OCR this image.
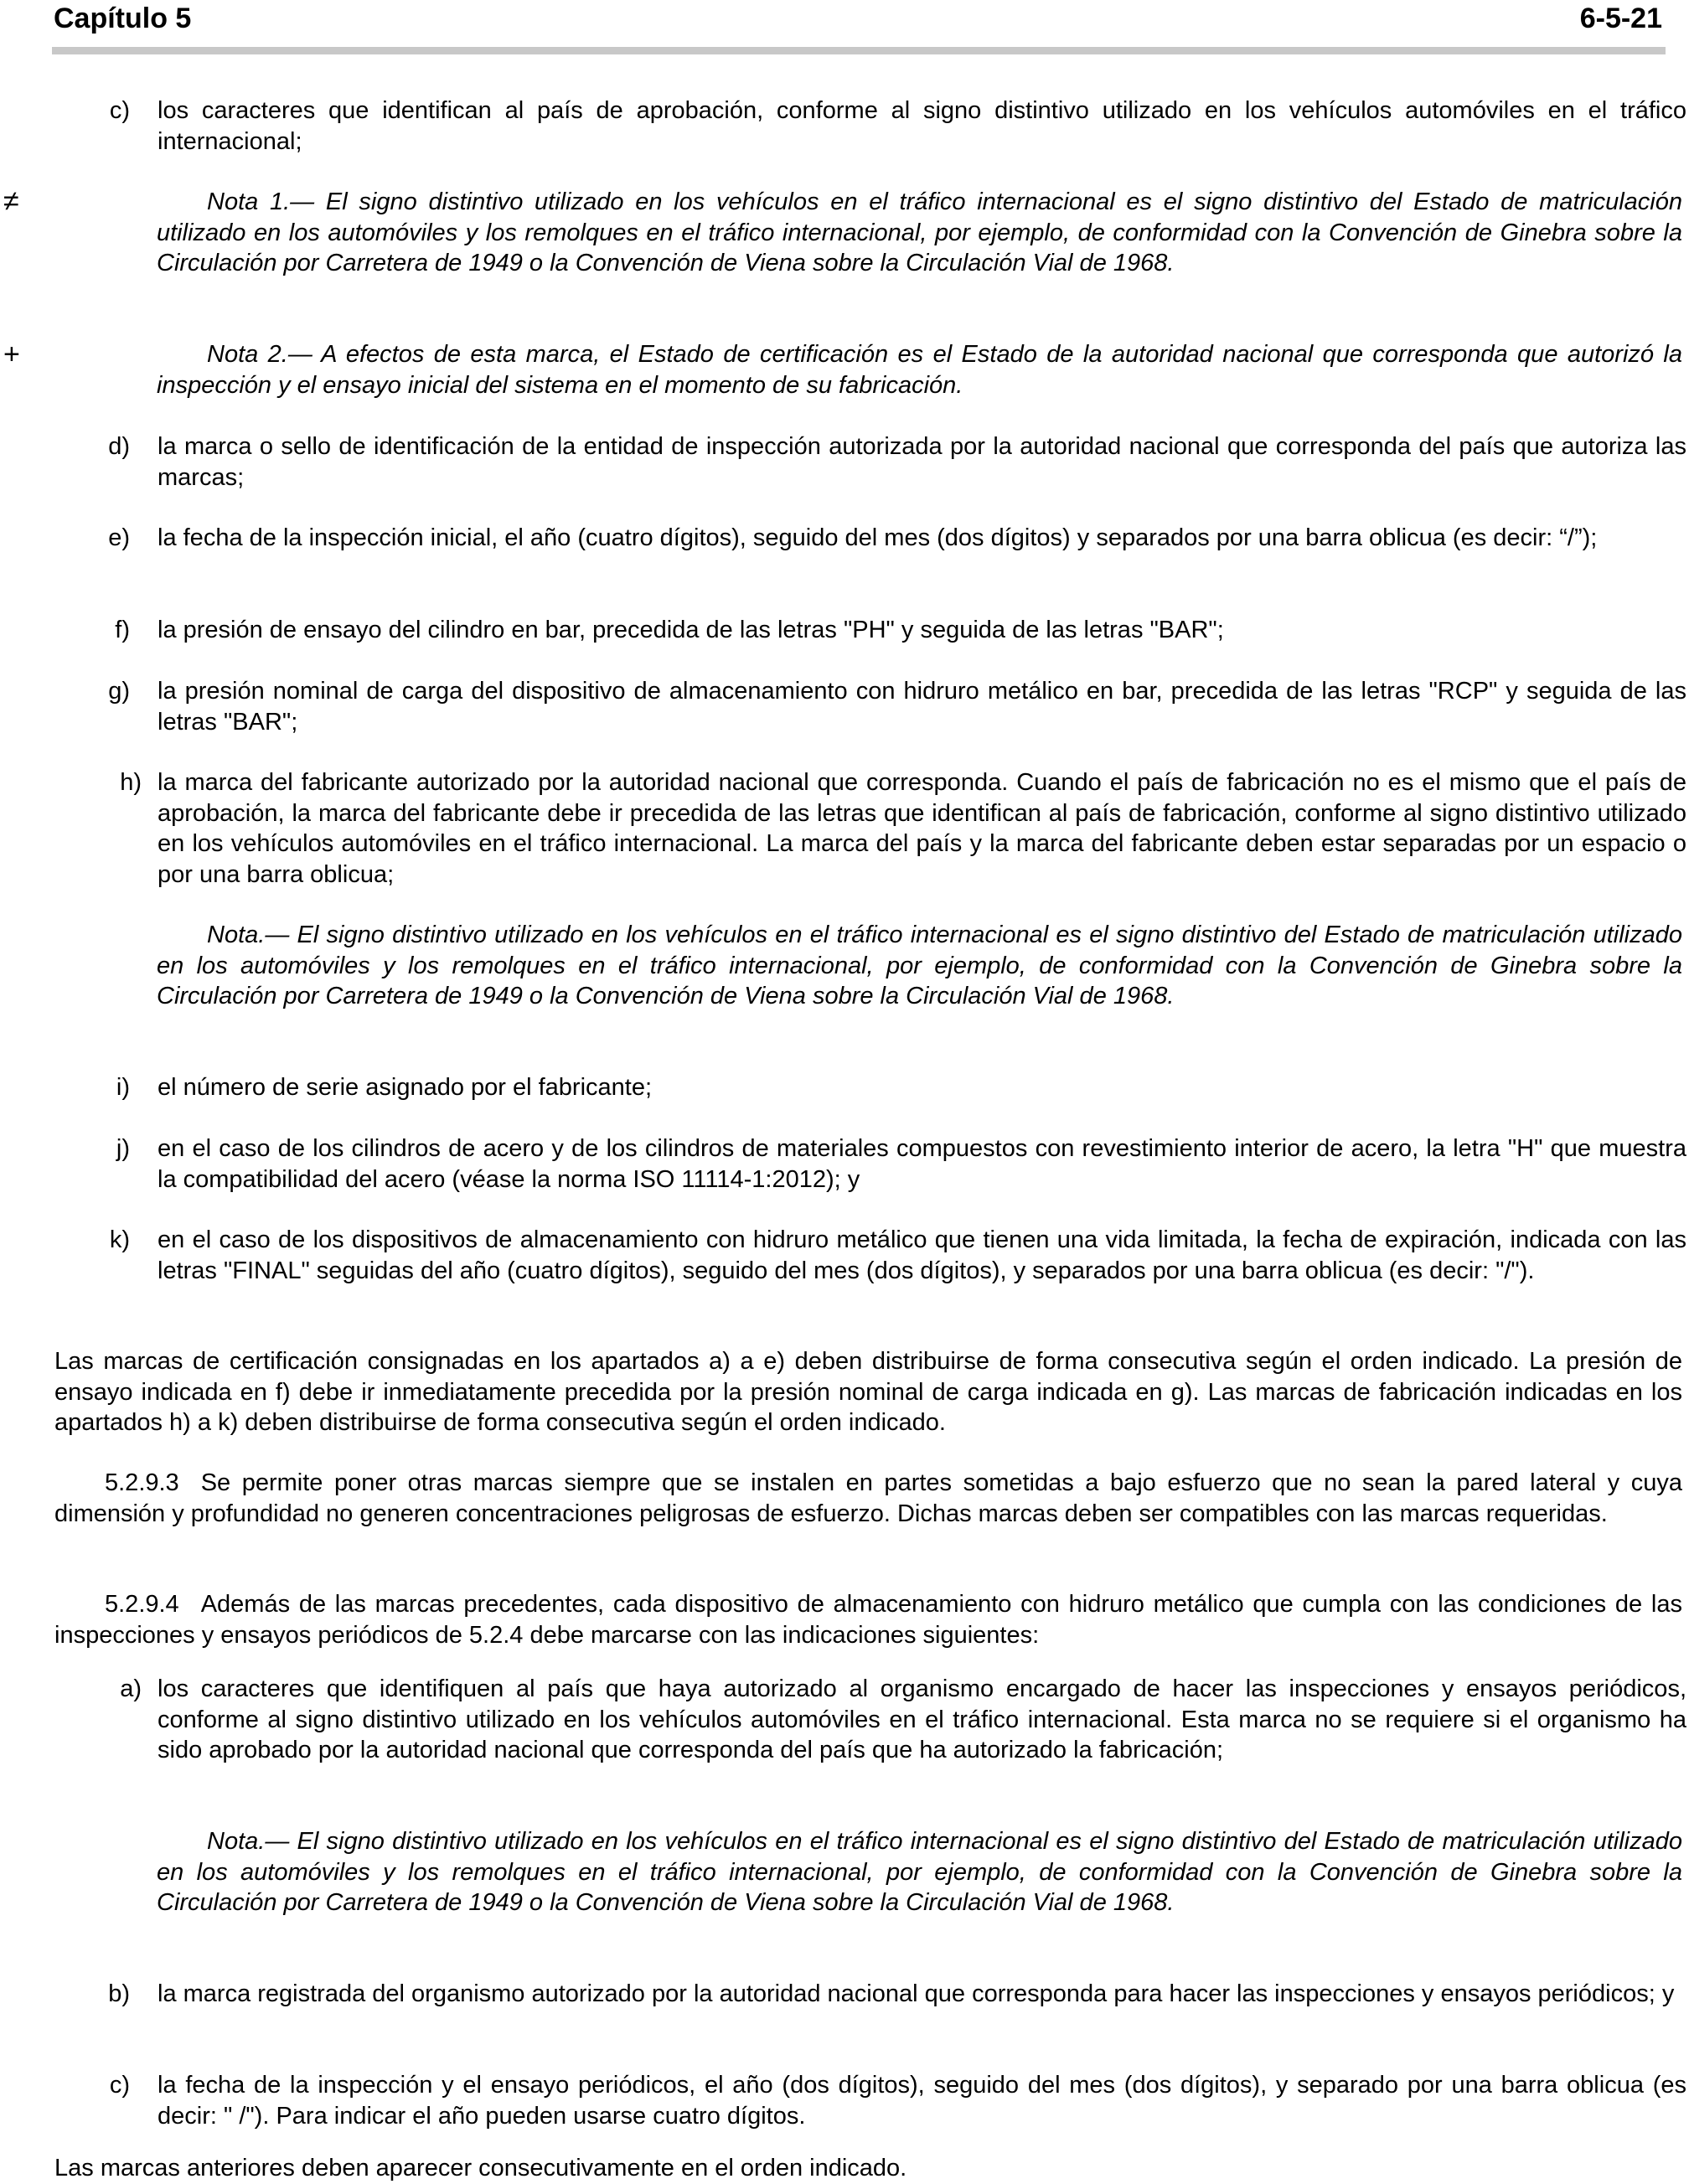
Capítulo 5	6-5-21
c) los caracteres que identifican al país de aprobación, conforme al signo distintivo utilizado en los vehículos automóviles en el tráfico internacional;
≠	Nota 1.— El signo distintivo utilizado en los vehículos en el tráfico internacional es el signo distintivo del Estado de matriculación utilizado en los automóviles y los remolques en el tráfico internacional, por ejemplo, de conformidad con la Convención de Ginebra sobre la Circulación por Carretera de 1949 o la Convención de Viena sobre la Circulación Vial de 1968.
+	Nota 2.— A efectos de esta marca, el Estado de certificación es el Estado de la autoridad nacional que corresponda que autorizó la inspección y el ensayo inicial del sistema en el momento de su fabricación.
d) la marca o sello de identificación de la entidad de inspección autorizada por la autoridad nacional que corresponda del país que autoriza las marcas;
e) la fecha de la inspección inicial, el año (cuatro dígitos), seguido del mes (dos dígitos) y separados por una barra oblicua (es decir: “/”);
f) la presión de ensayo del cilindro en bar, precedida de las letras "PH" y seguida de las letras "BAR";
g) la presión nominal de carga del dispositivo de almacenamiento con hidruro metálico en bar, precedida de las letras "RCP" y seguida de las letras "BAR";
h) la marca del fabricante autorizado por la autoridad nacional que corresponda. Cuando el país de fabricación no es el mismo que el país de aprobación, la marca del fabricante debe ir precedida de las letras que identifican al país de fabricación, conforme al signo distintivo utilizado en los vehículos automóviles en el tráfico internacional. La marca del país y la marca del fabricante deben estar separadas por un espacio o por una barra oblicua;
Nota.— El signo distintivo utilizado en los vehículos en el tráfico internacional es el signo distintivo del Estado de matriculación utilizado en los automóviles y los remolques en el tráfico internacional, por ejemplo, de conformidad con la Convención de Ginebra sobre la Circulación por Carretera de 1949 o la Convención de Viena sobre la Circulación Vial de 1968.
i) el número de serie asignado por el fabricante;
j) en el caso de los cilindros de acero y de los cilindros de materiales compuestos con revestimiento interior de acero, la letra "H" que muestra la compatibilidad del acero (véase la norma ISO 11114-1:2012); y
k) en el caso de los dispositivos de almacenamiento con hidruro metálico que tienen una vida limitada, la fecha de expiración, indicada con las letras "FINAL" seguidas del año (cuatro dígitos), seguido del mes (dos dígitos), y separados por una barra oblicua (es decir: "/").
Las marcas de certificación consignadas en los apartados a) a e) deben distribuirse de forma consecutiva según el orden indicado. La presión de ensayo indicada en f) debe ir inmediatamente precedida por la presión nominal de carga indicada en g). Las marcas de fabricación indicadas en los apartados h) a k) deben distribuirse de forma consecutiva según el orden indicado.
5.2.9.3 Se permite poner otras marcas siempre que se instalen en partes sometidas a bajo esfuerzo que no sean la pared lateral y cuya dimensión y profundidad no generen concentraciones peligrosas de esfuerzo. Dichas marcas deben ser compatibles con las marcas requeridas.
5.2.9.4 Además de las marcas precedentes, cada dispositivo de almacenamiento con hidruro metálico que cumpla con las condiciones de las inspecciones y ensayos periódicos de 5.2.4 debe marcarse con las indicaciones siguientes:
a) los caracteres que identifiquen al país que haya autorizado al organismo encargado de hacer las inspecciones y ensayos periódicos, conforme al signo distintivo utilizado en los vehículos automóviles en el tráfico internacional. Esta marca no se requiere si el organismo ha sido aprobado por la autoridad nacional que corresponda del país que ha autorizado la fabricación;
Nota.— El signo distintivo utilizado en los vehículos en el tráfico internacional es el signo distintivo del Estado de matriculación utilizado en los automóviles y los remolques en el tráfico internacional, por ejemplo, de conformidad con la Convención de Ginebra sobre la Circulación por Carretera de 1949 o la Convención de Viena sobre la Circulación Vial de 1968.
b) la marca registrada del organismo autorizado por la autoridad nacional que corresponda para hacer las inspecciones y ensayos periódicos; y
c) la fecha de la inspección y el ensayo periódicos, el año (dos dígitos), seguido del mes (dos dígitos), y separado por una barra oblicua (es decir: " /"). Para indicar el año pueden usarse cuatro dígitos.
Las marcas anteriores deben aparecer consecutivamente en el orden indicado.
